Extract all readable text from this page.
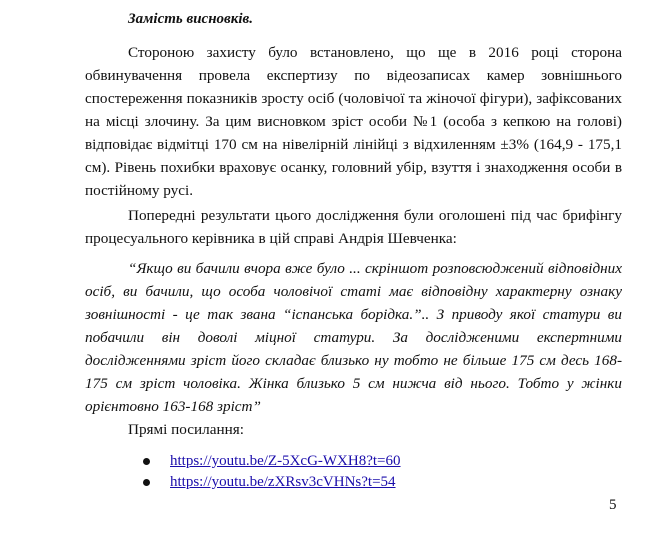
Замість висновків.

Стороною захисту було встановлено, що ще в 2016 році сторона обвинувачення провела експертизу по відеозаписах камер зовнішнього спостереження показників зросту осіб (чоловічої та жіночої фігури), зафіксованих на місці злочину. За цим висновком зріст особи №1 (особа з кепкою на голові) відповідає відмітці 170 см на нівелірній лінійці з відхиленням ±3% (164,9 - 175,1 см). Рівень похибки враховує осанку, головний убір, взуття і знаходження особи в постійному русі.

Попередні результати цього дослідження були оголошені під час брифінгу процесуального керівника в цій справі Андрія Шевченка:

“Якщо ви бачили вчора вже було ... скріншот розповсюджений відповідних осіб, ви бачили, що особа чоловічої статі має відповідну характерну ознаку зовнішності - це так звана “іспанська борідка.”.. З приводу якої статури ви побачили він доволі міцної статури. За дослідженими експертними дослідженнями зріст його складає близько ну тобто не більше 175 см десь 168-175 см зріст чоловіка. Жінка близько 5 см нижча від нього. Тобто у жінки орієнтовно 163-168 зріст”

Прямі посилання:
https://youtu.be/Z-5XcG-WXH8?t=60
https://youtu.be/zXRsv3cVHNs?t=54
5
